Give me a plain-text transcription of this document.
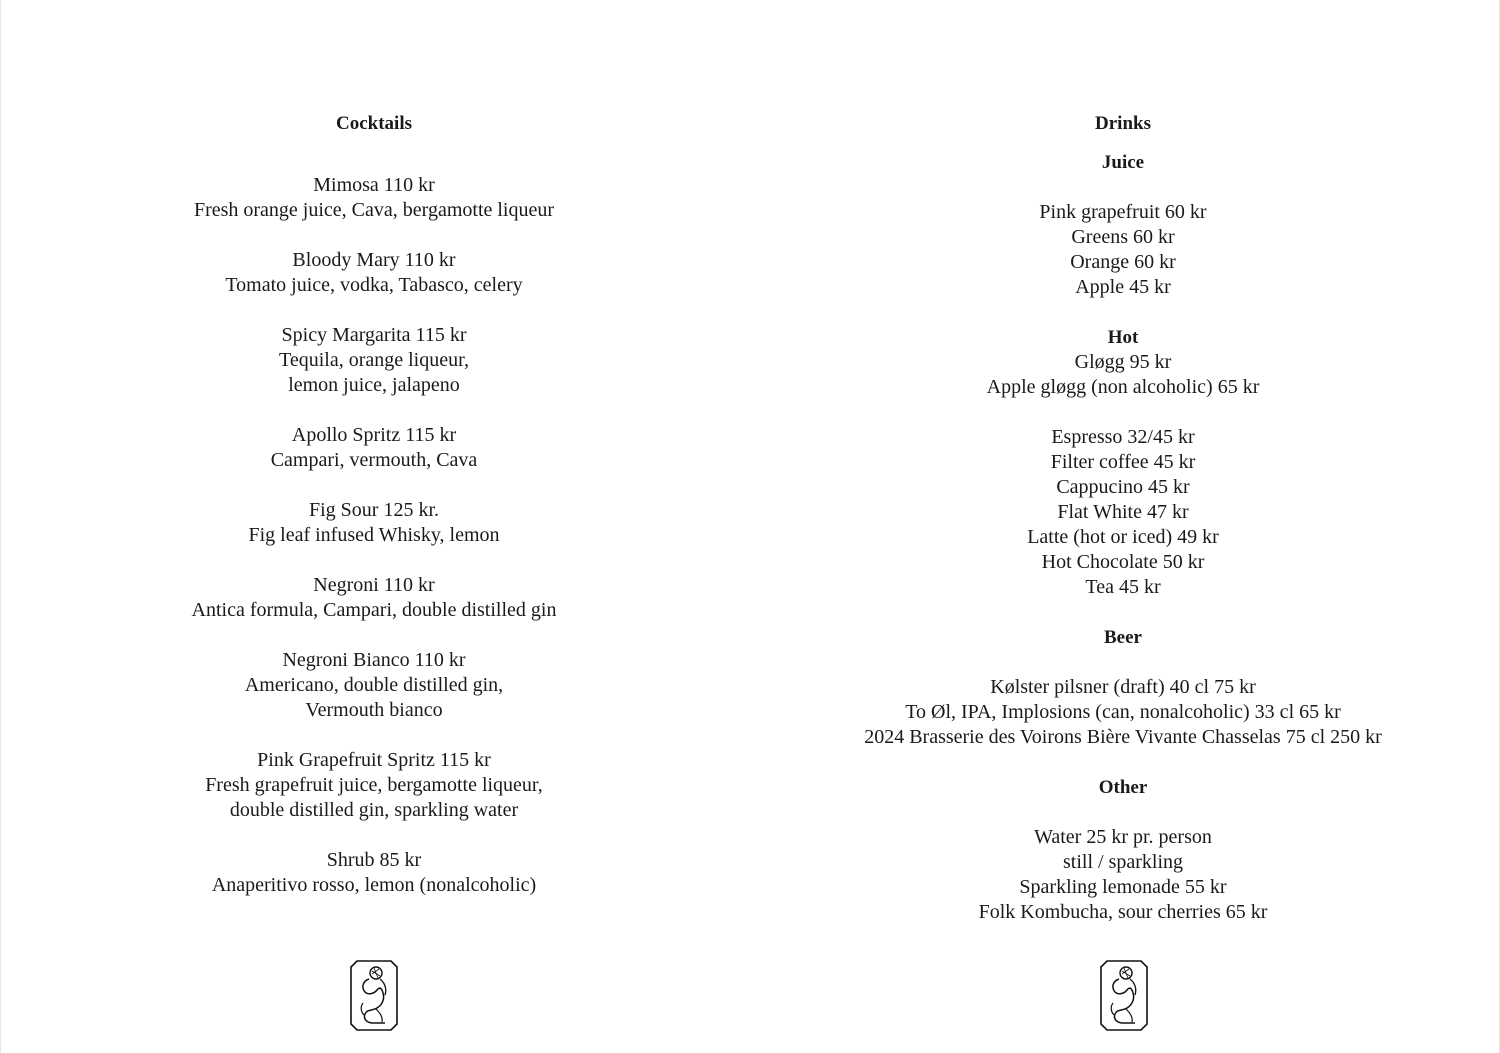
Cocktails
Mimosa 110 kr
Fresh orange juice, Cava, bergamotte liqueur
Bloody Mary 110 kr
Tomato juice, vodka, Tabasco, celery
Spicy Margarita 115 kr
Tequila, orange liqueur,
lemon juice, jalapeno
Apollo Spritz 115 kr
Campari, vermouth, Cava
Fig Sour 125 kr.
Fig leaf infused Whisky, lemon
Negroni 110 kr
Antica formula, Campari, double distilled gin
Negroni Bianco 110 kr
Americano, double distilled gin,
Vermouth bianco
Pink Grapefruit Spritz 115 kr
Fresh grapefruit juice, bergamotte liqueur,
double distilled gin, sparkling water
Shrub 85 kr
Anaperitivo rosso, lemon (nonalcoholic)
Drinks
Juice
Pink grapefruit 60 kr
Greens 60 kr
Orange 60 kr
Apple 45 kr
Hot
Gløgg 95 kr
Apple gløgg (non alcoholic) 65 kr
Espresso 32/45 kr
Filter coffee 45 kr
Cappucino 45 kr
Flat White 47 kr
Latte (hot or iced) 49 kr
Hot Chocolate 50 kr
Tea 45 kr
Beer
Kølster pilsner (draft) 40 cl 75 kr
To Øl, IPA, Implosions (can, nonalcoholic) 33 cl 65 kr
2024 Brasserie des Voirons Bière Vivante Chasselas 75 cl 250 kr
Other
Water 25 kr pr. person
still / sparkling
Sparkling lemonade 55 kr
Folk Kombucha, sour cherries 65 kr
